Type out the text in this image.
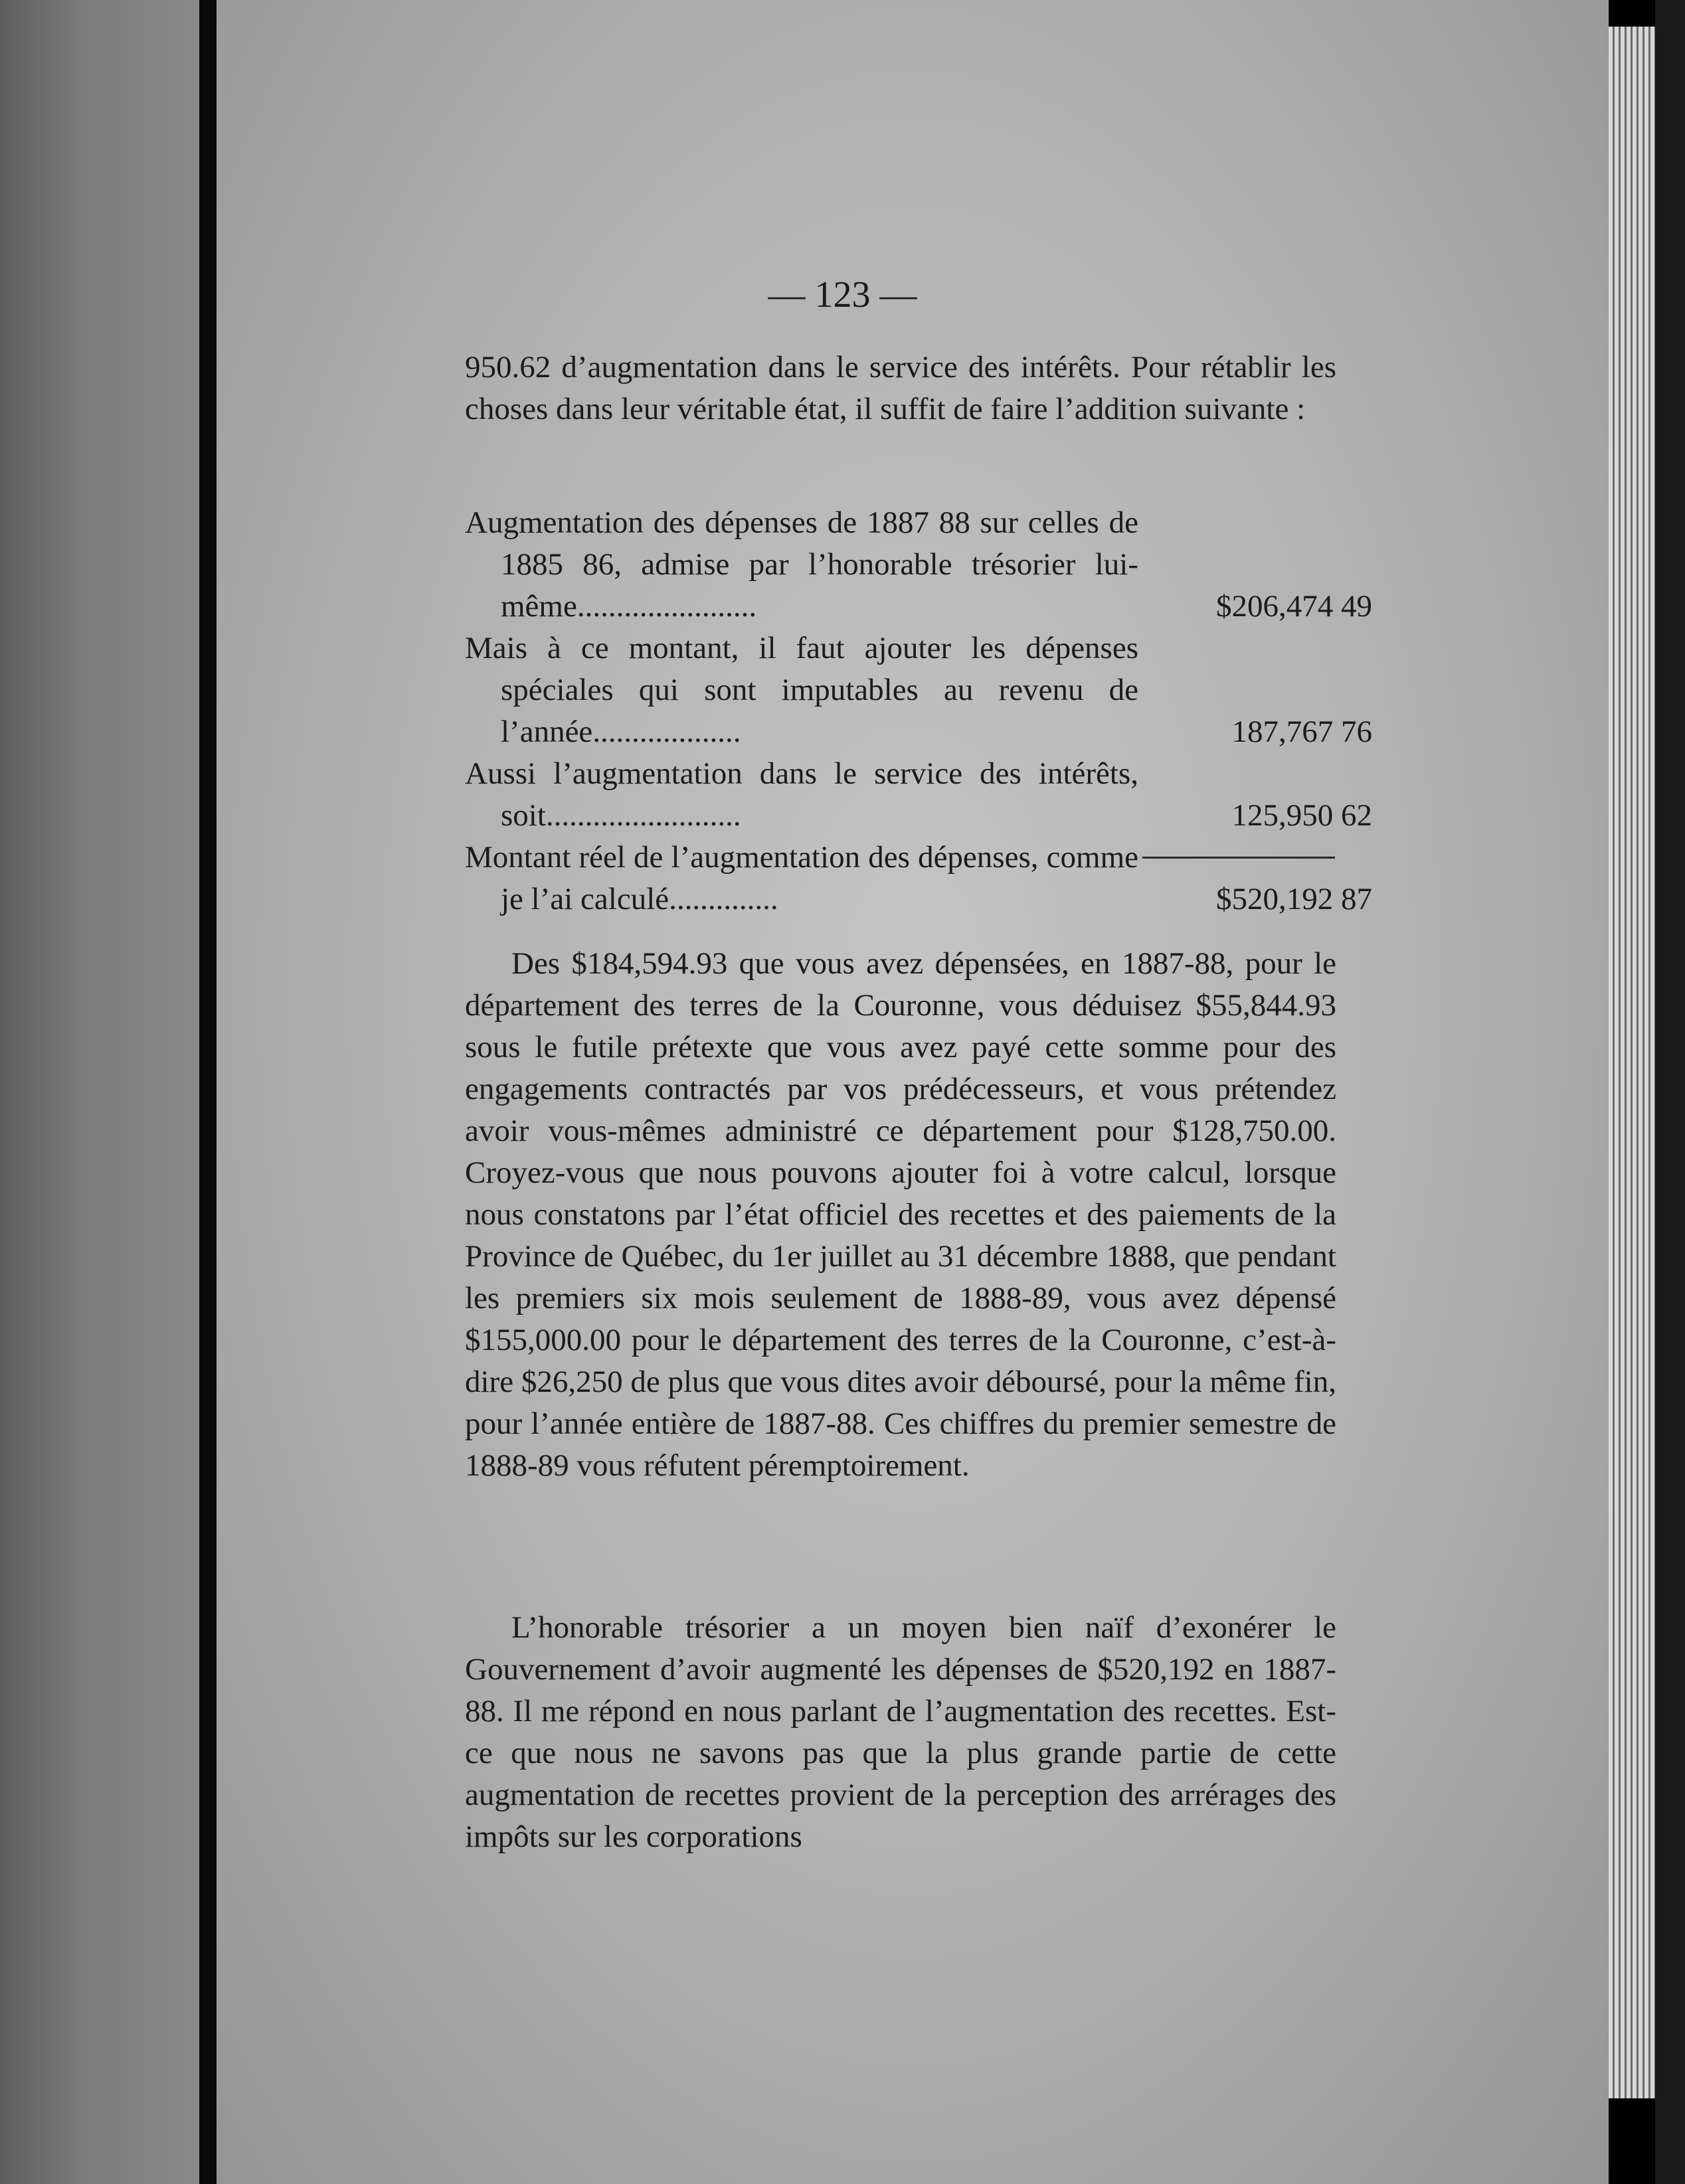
— 123 —

950.62 d’augmentation dans le service des intérêts. Pour rétablir les choses dans leur véritable état, il suffit de faire l’addition suivante :

Augmentation des dépenses de 1887 88 sur celles de 1885 86, admise par l’honorable trésorier lui-même.......................	$206,474 49
Mais à ce montant, il faut ajouter les dépenses spéciales qui sont imputables au revenu de l’année...................	187,767 76
Aussi l’augmentation dans le service des intérêts, soit.........................	125,950 62
Montant réel de l’augmentation des dépenses, comme je l’ai calculé..............	$520,192 87

Des $184,594.93 que vous avez dépensées, en 1887-88, pour le département des terres de la Couronne, vous déduisez $55,844.93 sous le futile prétexte que vous avez payé cette somme pour des engagements contractés par vos prédécesseurs, et vous prétendez avoir vous-mêmes administré ce département pour $128,750.00. Croyez-vous que nous pouvons ajouter foi à votre calcul, lorsque nous constatons par l’état officiel des recettes et des paiements de la Province de Québec, du 1er juillet au 31 décembre 1888, que pendant les premiers six mois seulement de 1888-89, vous avez dépensé $155,000.00 pour le département des terres de la Couronne, c’est-à-dire $26,250 de plus que vous dites avoir déboursé, pour la même fin, pour l’année entière de 1887-88. Ces chiffres du premier semestre de 1888-89 vous réfutent péremptoirement.

L’honorable trésorier a un moyen bien naïf d’exonérer le Gouvernement d’avoir augmenté les dépenses de $520,192 en 1887-88. Il me répond en nous parlant de l’augmentation des recettes. Est-ce que nous ne savons pas que la plus grande partie de cette augmentation de recettes provient de la perception des arrérages des impôts sur les corporations
